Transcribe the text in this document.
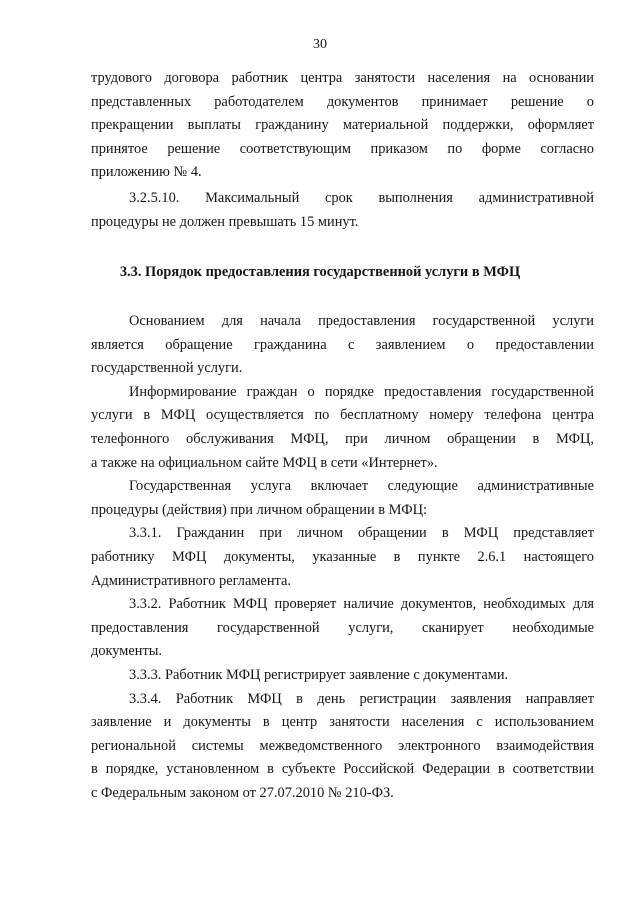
30
трудового договора работник центра занятости населения на основании
представленных работодателем документов принимает решение о
прекращении выплаты гражданину материальной поддержки, оформляет
принятое решение соответствующим приказом по форме согласно
приложению № 4.
3.2.5.10. Максимальный срок выполнения административной
процедуры не должен превышать 15 минут.
3.3. Порядок предоставления государственной услуги в МФЦ
Основанием для начала предоставления государственной услуги
является обращение гражданина с заявлением о предоставлении
государственной услуги.
Информирование граждан о порядке предоставления государственной
услуги в МФЦ осуществляется по бесплатному номеру телефона центра
телефонного обслуживания МФЦ, при личном обращении в МФЦ,
а также на официальном сайте МФЦ в сети «Интернет».
Государственная услуга включает следующие административные
процедуры (действия) при личном обращении в МФЦ:
3.3.1. Гражданин при личном обращении в МФЦ представляет
работнику МФЦ документы, указанные в пункте 2.6.1 настоящего
Административного регламента.
3.3.2. Работник МФЦ проверяет наличие документов, необходимых для
предоставления государственной услуги, сканирует необходимые
документы.
3.3.3. Работник МФЦ регистрирует заявление с документами.
3.3.4. Работник МФЦ в день регистрации заявления направляет
заявление и документы в центр занятости населения с использованием
региональной системы межведомственного электронного взаимодействия
в порядке, установленном в субъекте Российской Федерации в соответствии
с Федеральным законом от 27.07.2010 № 210-ФЗ.
